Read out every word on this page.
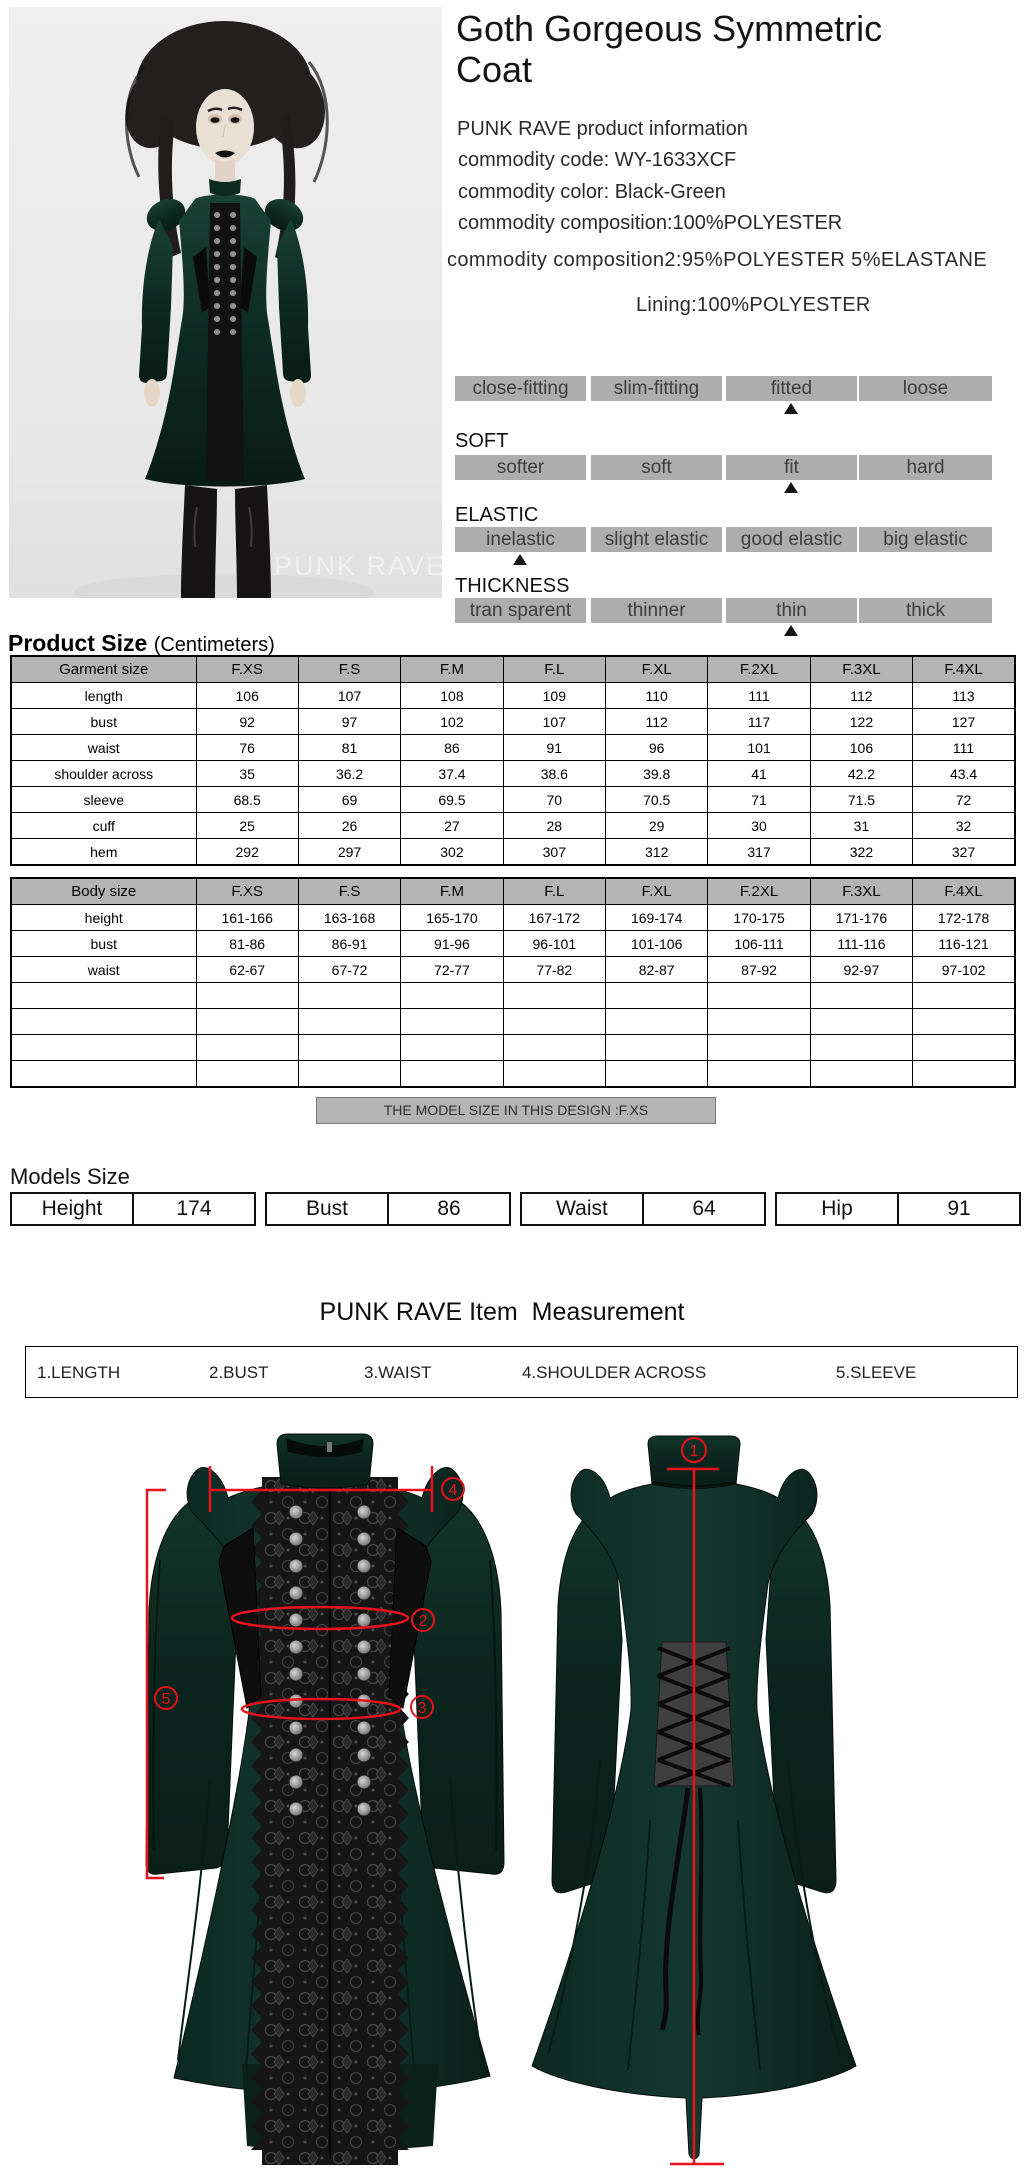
PUNK RAVE
Goth Gorgeous Symmetric
Coat
PUNK RAVE product information
commodity code: WY-1633XCF
commodity color: Black-Green
commodity composition:100%POLYESTER
commodity composition2:95%POLYESTER 5%ELASTANE
Lining:100%POLYESTER
close-fitting	slim-fitting	fitted	loose
SOFT
softer	soft	fit	hard
ELASTIC
inelastic	slight elastic	good elastic	big elastic
THICKNESS
tran sparent	thinner	thin	thick
Product Size (Centimeters)
Garment size	F.XS	F.S	F.M	F.L	F.XL	F.2XL	F.3XL	F.4XL
length	106	107	108	109	110	111	112	113
bust	92	97	102	107	112	117	122	127
waist	76	81	86	91	96	101	106	111
shoulder across	35	36.2	37.4	38.6	39.8	41	42.2	43.4
sleeve	68.5	69	69.5	70	70.5	71	71.5	72
cuff	25	26	27	28	29	30	31	32
hem	292	297	302	307	312	317	322	327
Body size	F.XS	F.S	F.M	F.L	F.XL	F.2XL	F.3XL	F.4XL
height	161-166	163-168	165-170	167-172	169-174	170-175	171-176	172-178
bust	81-86	86-91	91-96	96-101	101-106	106-111	111-116	116-121
waist	62-67	67-72	72-77	77-82	82-87	87-92	92-97	97-102

THE MODEL SIZE IN THIS DESIGN :F.XS
Models Size
Height	174	Bust	86	Waist	64	Hip	91
PUNK RAVE Item  Measurement
1.LENGTH	2.BUST	3.WAIST	4.SHOULDER ACROSS	5.SLEEVE
4
2
3
5
1
